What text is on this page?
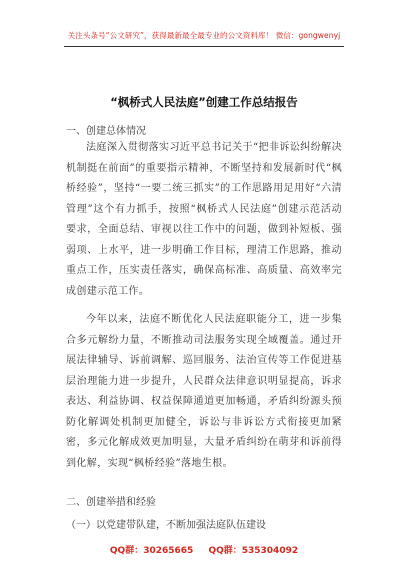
关注头条号“公文研究”，获得最新最全最专业的公文资料库！ 微信：gongwenyj
“枫桥式人民法庭”创建工作总结报告
一、创建总体情况

法庭深入贯彻落实习近平总书记关于“把非诉讼纠纷解决机制挺在前面”的重要指示精神，不断坚持和发展新时代“枫桥经验”，坚持“一要二统三抓实”的工作思路用足用好“六清管理”这个有力抓手，按照“枫桥式人民法庭”创建示范活动要求，全面总结、审视以往工作中的问题，做到补短板、强弱项、上水平，进一步明确工作目标，理清工作思路，推动重点工作，压实责任落实，确保高标准、高质量、高效率完成创建示范工作。

今年以来，法庭不断优化人民法庭职能分工，进一步集合多元解纷力量，不断推动司法服务实现全域覆盖。通过开展法律辅导、诉前调解、巡回服务、法治宣传等工作促进基层治理能力进一步提升，人民群众法律意识明显提高，诉求表达、利益协调、权益保障通道更加畅通，矛盾纠纷源头预防化解调处机制更加健全，诉讼与非诉讼方式衔接更加紧密，多元化解成效更加明显，大量矛盾纠纷在萌芽和诉前得到化解，实现“枫桥经验”落地生根。

二、创建举措和经验
（一）以党建带队建，不断加强法庭队伍建设
QQ群：30265665 QQ群：535304092
